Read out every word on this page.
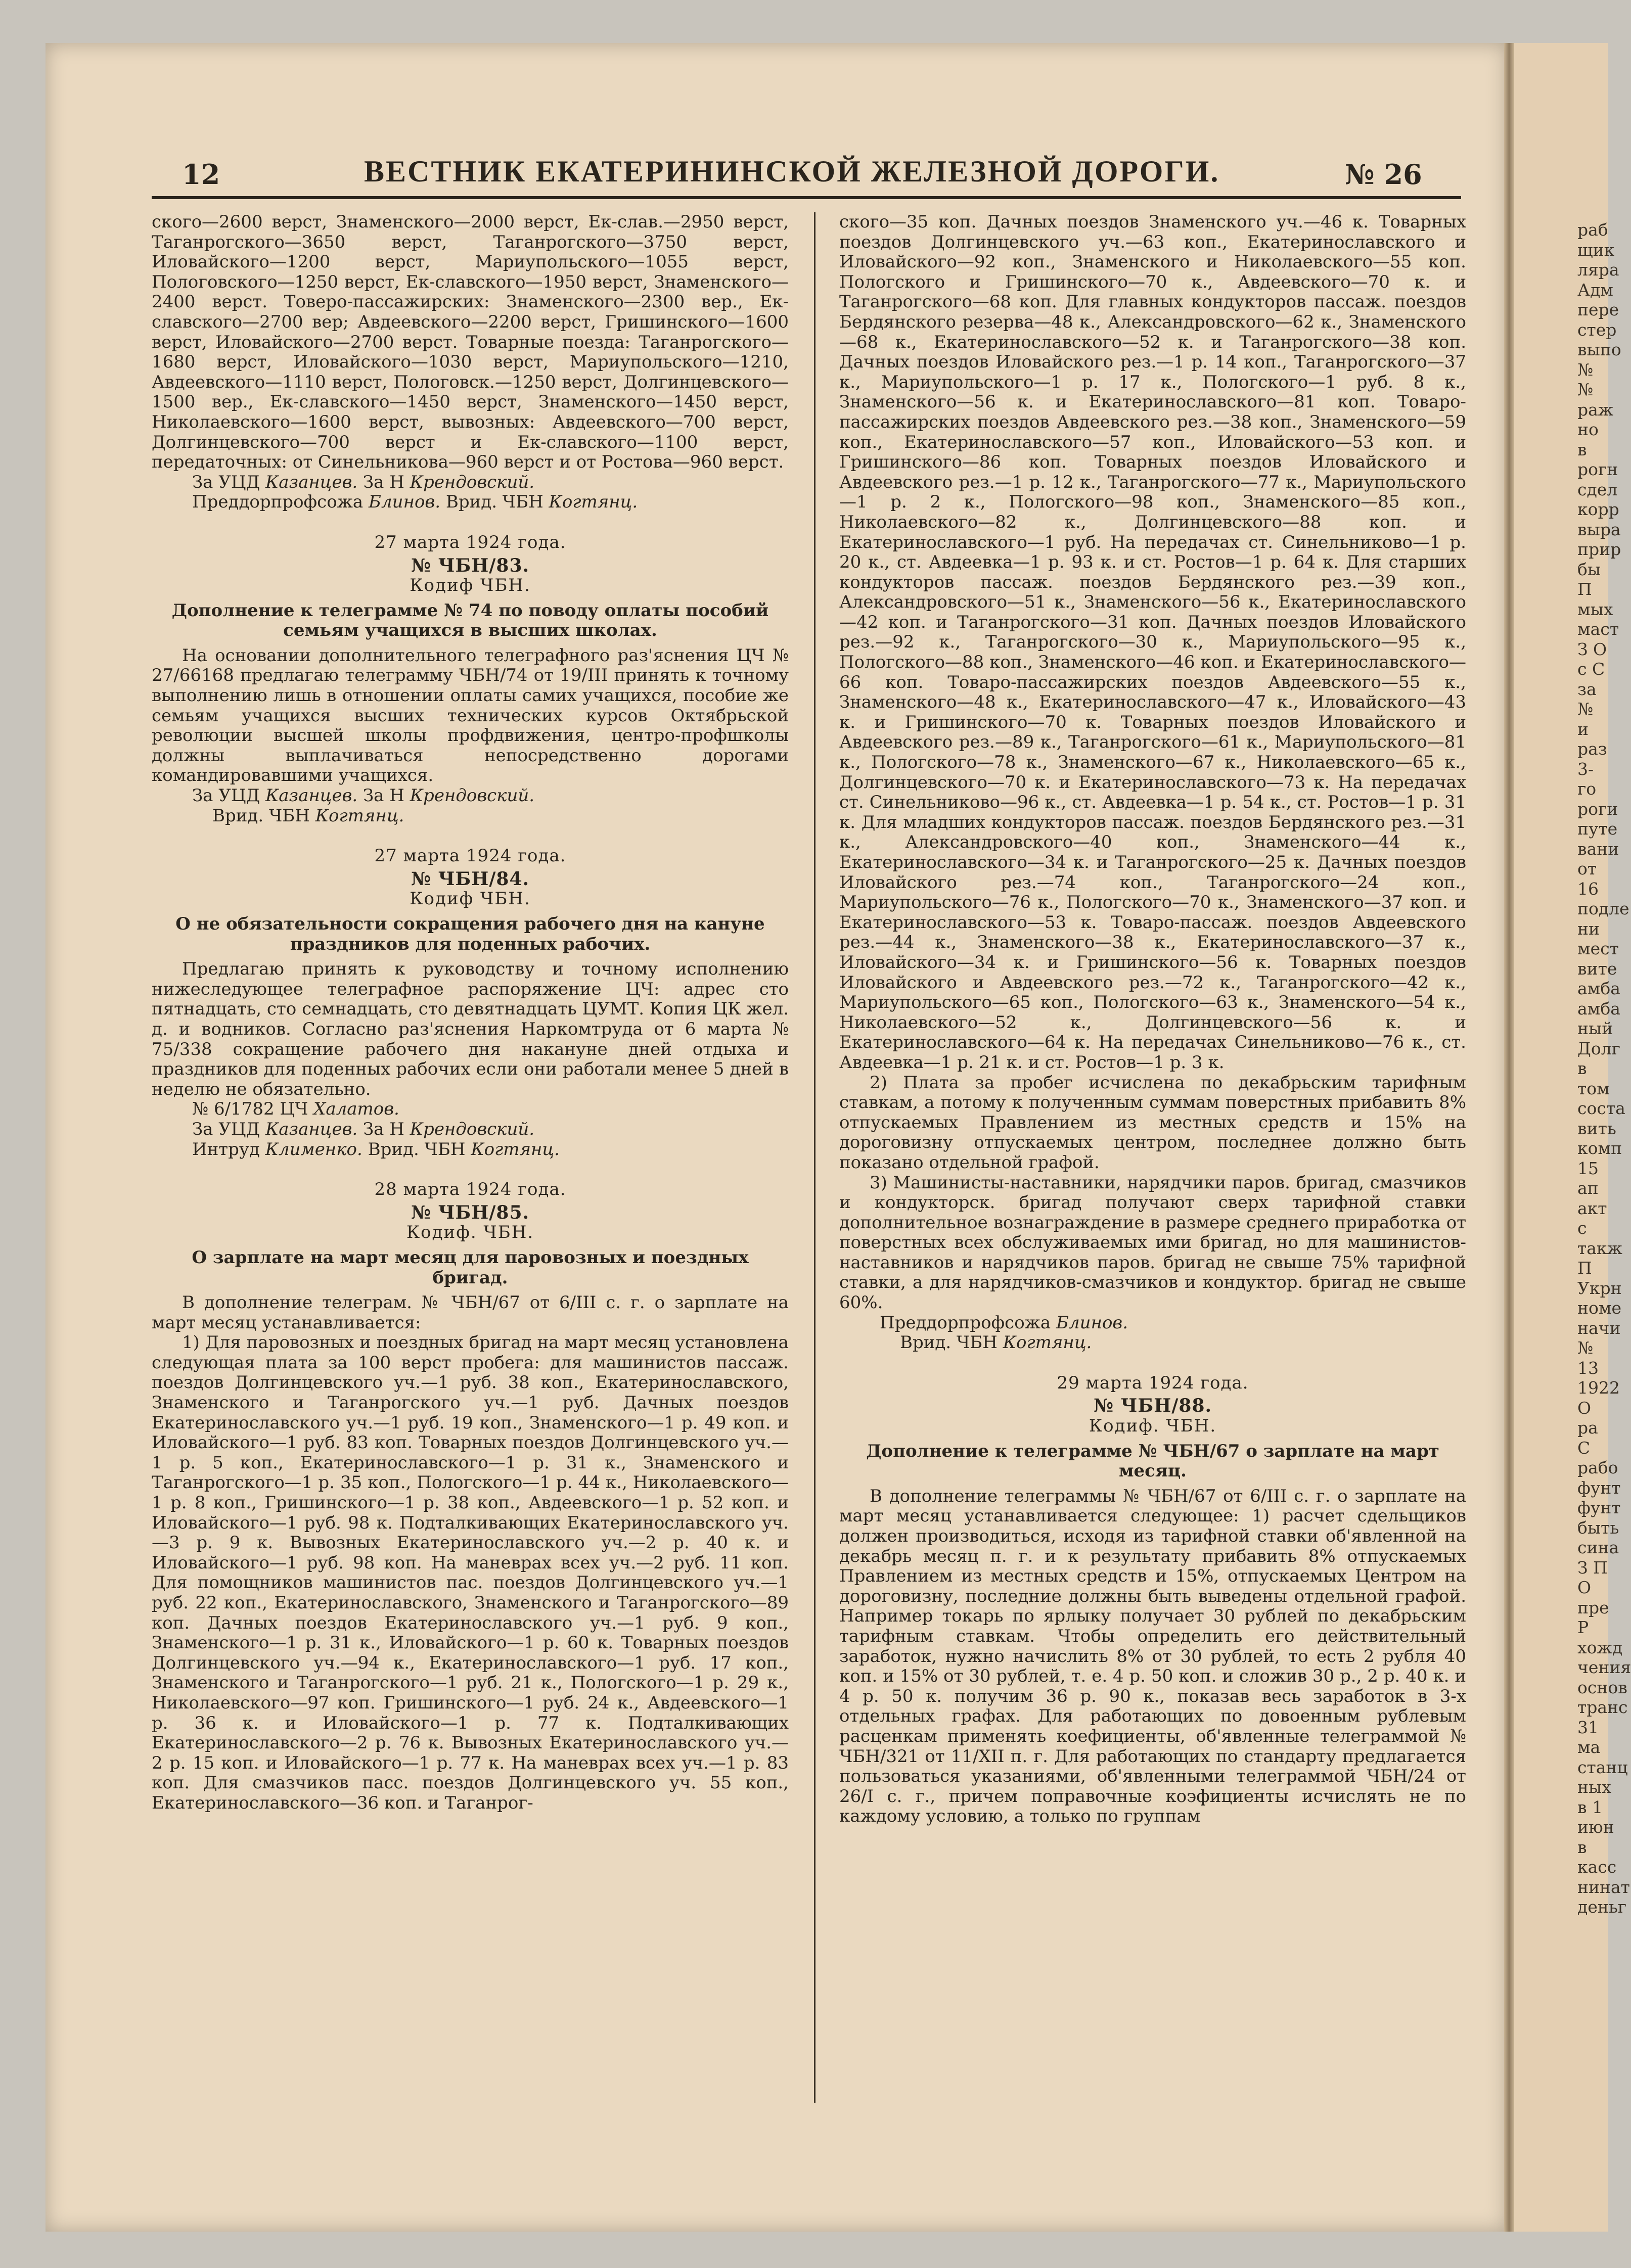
раб щик ляра Адм пере стер выпо №№ раж но в рогн сдел корр выра прир бы П мых маст З О с С за № и раз 3-го роги путе вани от 16 подле ни мест вите амба амба ный Долг в том соста вить комп 15 ап акт с такж П Укрн номе начи № 13 1922 О ра С рабо фунт фунт быть сина З П О пре Р хожд чения основ транс 31 ма станц ных в 1 июн в касс нинат деньг
12	ВЕСТНИК ЕКАТЕРИНИНСКОЙ ЖЕЛЕЗНОЙ ДОРОГИ.	№ 26

ского—2600 верст, Знаменского—2000 верст, Ек-слав.—2950 верст, Таганрогского—3650 верст, Таганрогского—3750 верст, Иловайского—1200 верст, Мариупольского—1055 верст, Пологовского—1250 верст, Ек-славского—1950 верст, Знаменского—2400 верст. Товеро-пассажирских: Знаменского—2300 вер., Ек-славского—2700 вер; Авдеевского—2200 верст, Гришинского—1600 верст, Иловайского—2700 верст. Товарные поезда: Таганрогского—1680 верст, Иловайского—1030 верст, Мариупольского—1210, Авдеевского—1110 верст, Пологовск.—1250 верст, Долгинцевского—1500 вер., Ек-славского—1450 верст, Знаменского—1450 верст, Николаевского—1600 верст, вывозных: Авдеевского—700 верст, Долгинцевского—700 верст и Ек-славского—1100 верст, передаточных: от Синельникова—960 верст и от Ростова—960 верст.

За УЦД Казанцев. За Н Крендовский.

Преддорпрофсожа Блинов. Врид. ЧБН Когтянц.

27 марта 1924 года.

№ ЧБН/83.

Кодиф ЧБН.

Дополнение к телеграмме № 74 по поводу оплаты пособий семьям учащихся в высших школах.

На основании дополнительного телеграфного раз'яснения ЦЧ № 27/66168 предлагаю телеграмму ЧБН/74 от 19/III принять к точному выполнению лишь в отношении оплаты самих учащихся, пособие же семьям учащихся высших технических курсов Октябрьской революции высшей школы профдвижения, центро-профшколы должны выплачиваться непосредственно дорогами командировавшими учащихся.

За УЦД Казанцев. За Н Крендовский.

Врид. ЧБН Когтянц.

27 марта 1924 года.

№ ЧБН/84.

Кодиф ЧБН.

О не обязательности сокращения рабочего дня на кануне праздников для поденных рабочих.

Предлагаю принять к руководству и точному исполнению нижеследующее телеграфное распоряжение ЦЧ: адрес сто пятнадцать, сто семнадцать, сто девятнадцать ЦУМТ. Копия ЦК жел. д. и водников. Согласно раз'яснения Наркомтруда от 6 марта № 75/338 сокращение рабочего дня накануне дней отдыха и праздников для поденных рабочих если они работали менее 5 дней в неделю не обязательно.

№ 6/1782 ЦЧ Халатов.

За УЦД Казанцев. За Н Крендовский.

Интруд Клименко. Врид. ЧБН Когтянц.

28 марта 1924 года.

№ ЧБН/85.

Кодиф. ЧБН.

О зарплате на март месяц для паровозных и поездных бригад.

В дополнение телеграм. № ЧБН/67 от 6/III с. г. о зарплате на март месяц устанавливается:

1) Для паровозных и поездных бригад на март месяц установлена следующая плата за 100 верст пробега: для машинистов пассаж. поездов Долгинцевского уч.—1 руб. 38 коп., Екатеринославского, Знаменского и Таганрогского уч.—1 руб. Дачных поездов Екатеринославского уч.—1 руб. 19 коп., Знаменского—1 р. 49 коп. и Иловайского—1 руб. 83 коп. Товарных поездов Долгинцевского уч.—1 р. 5 коп., Екатеринославского—1 р. 31 к., Знаменского и Таганрогского—1 р. 35 коп., Пологского—1 р. 44 к., Николаевского—1 р. 8 коп., Гришинского—1 р. 38 коп., Авдеевского—1 р. 52 коп. и Иловайского—1 руб. 98 к. Подталкивающих Екатеринославского уч.—3 р. 9 к. Вывозных Екатеринославского уч.—2 р. 40 к. и Иловайского—1 руб. 98 коп. На маневрах всех уч.—2 руб. 11 коп. Для помощников машинистов пас. поездов Долгинцевского уч.—1 руб. 22 коп., Екатеринославского, Знаменского и Таганрогского—89 коп. Дачных поездов Екатеринославского уч.—1 руб. 9 коп., Знаменского—1 р. 31 к., Иловайского—1 р. 60 к. Товарных поездов Долгинцевского уч.—94 к., Екатеринославского—1 руб. 17 коп., Знаменского и Таганрогского—1 руб. 21 к., Пологского—1 р. 29 к., Николаевского—97 коп. Гришинского—1 руб. 24 к., Авдеевского—1 р. 36 к. и Иловайского—1 р. 77 к. Подталкивающих Екатеринославского—2 р. 76 к. Вывозных Екатеринославского уч.—2 р. 15 коп. и Иловайского—1 р. 77 к. На маневрах всех уч.—1 р. 83 коп. Для смазчиков пасс. поездов Долгинцевского уч. 55 коп., Екатеринославского—36 коп. и Таганрог-

ского—35 коп. Дачных поездов Знаменского уч.—46 к. Товарных поездов Долгинцевского уч.—63 коп., Екатеринославского и Иловайского—92 коп., Знаменского и Николаевского—55 коп. Пологского и Гришинского—70 к., Авдеевского—70 к. и Таганрогского—68 коп. Для главных кондукторов пассаж. поездов Бердянского резерва—48 к., Александровского—62 к., Знаменского—68 к., Екатеринославского—52 к. и Таганрогского—38 коп. Дачных поездов Иловайского рез.—1 р. 14 коп., Таганрогского—37 к., Мариупольского—1 р. 17 к., Пологского—1 руб. 8 к., Знаменского—56 к. и Екатеринославского—81 коп. Товаро-пассажирских поездов Авдеевского рез.—38 коп., Знаменского—59 коп., Екатеринославского—57 коп., Иловайского—53 коп. и Гришинского—86 коп. Товарных поездов Иловайского и Авдеевского рез.—1 р. 12 к., Таганрогского—77 к., Мариупольского—1 р. 2 к., Пологского—98 коп., Знаменского—85 коп., Николаевского—82 к., Долгинцевского—88 коп. и Екатеринославского—1 руб. На передачах ст. Синельниково—1 р. 20 к., ст. Авдеевка—1 р. 93 к. и ст. Ростов—1 р. 64 к. Для старших кондукторов пассаж. поездов Бердянского рез.—39 коп., Александровского—51 к., Знаменского—56 к., Екатеринославского—42 коп. и Таганрогского—31 коп. Дачных поездов Иловайского рез.—92 к., Таганрогского—30 к., Мариупольского—95 к., Пологского—88 коп., Знаменского—46 коп. и Екатеринославского—66 коп. Товаро-пассажирских поездов Авдеевского—55 к., Знаменского—48 к., Екатеринославского—47 к., Иловайского—43 к. и Гришинского—70 к. Товарных поездов Иловайского и Авдеевского рез.—89 к., Таганрогского—61 к., Мариупольского—81 к., Пологского—78 к., Знаменского—67 к., Николаевского—65 к., Долгинцевского—70 к. и Екатеринославского—73 к. На передачах ст. Синельниково—96 к., ст. Авдеевка—1 р. 54 к., ст. Ростов—1 р. 31 к. Для младших кондукторов пассаж. поездов Бердянского рез.—31 к., Александровского—40 коп., Знаменского—44 к., Екатеринославского—34 к. и Таганрогского—25 к. Дачных поездов Иловайского рез.—74 коп., Таганрогского—24 коп., Мариупольского—76 к., Пологского—70 к., Знаменского—37 коп. и Екатеринославского—53 к. Товаро-пассаж. поездов Авдеевского рез.—44 к., Знаменского—38 к., Екатеринославского—37 к., Иловайского—34 к. и Гришинского—56 к. Товарных поездов Иловайского и Авдеевского рез.—72 к., Таганрогского—42 к., Мариупольского—65 коп., Пологского—63 к., Знаменского—54 к., Николаевского—52 к., Долгинцевского—56 к. и Екатеринославского—64 к. На передачах Синельниково—76 к., ст. Авдеевка—1 р. 21 к. и ст. Ростов—1 р. 3 к.

2) Плата за пробег исчислена по декабрьским тарифным ставкам, а потому к полученным суммам поверстных прибавить 8% отпускаемых Правлением из местных средств и 15% на дороговизну отпускаемых центром, последнее должно быть показано отдельной графой.

3) Машинисты-наставники, нарядчики паров. бригад, смазчиков и кондукторск. бригад получают сверх тарифной ставки дополнительное вознаграждение в размере среднего приработка от поверстных всех обслуживаемых ими бригад, но для машинистов-наставников и нарядчиков паров. бригад не свыше 75% тарифной ставки, а для нарядчиков-смазчиков и кондуктор. бригад не свыше 60%.

Преддорпрофсожа Блинов.

Врид. ЧБН Когтянц.

29 марта 1924 года.

№ ЧБН/88.

Кодиф. ЧБН.

Дополнение к телеграмме № ЧБН/67 о зарплате на март месяц.

В дополнение телеграммы № ЧБН/67 от 6/III с. г. о зарплате на март месяц устанавливается следующее: 1) расчет сдельщиков должен производиться, исходя из тарифной ставки об'явленной на декабрь месяц п. г. и к результату прибавить 8% отпускаемых Правлением из местных средств и 15%, отпускаемых Центром на дороговизну, последние должны быть выведены отдельной графой. Например токарь по ярлыку получает 30 рублей по декабрьским тарифным ставкам. Чтобы определить его действительный заработок, нужно начислить 8% от 30 рублей, то есть 2 рубля 40 коп. и 15% от 30 рублей, т. е. 4 р. 50 коп. и сложив 30 р., 2 р. 40 к. и 4 р. 50 к. получим 36 р. 90 к., показав весь заработок в 3-х отдельных графах. Для работающих по довоенным рублевым расценкам применять коефициенты, об'явленные телеграммой № ЧБН/321 от 11/XII п. г. Для работающих по стандарту предлагается пользоваться указаниями, об'явленными телеграммой ЧБН/24 от 26/I с. г., причем поправочные коэфициенты исчислять не по каждому условию, а только по группам
